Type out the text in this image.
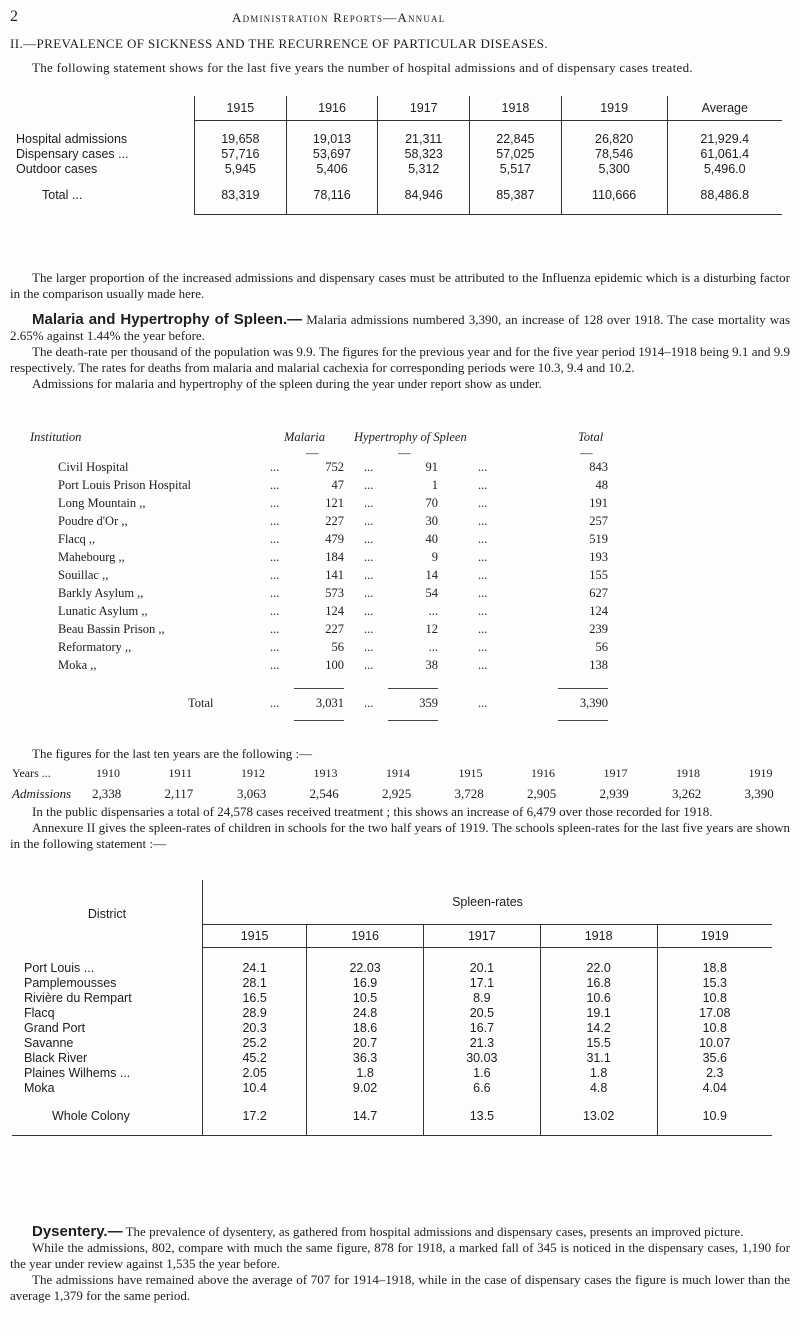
2	Administration Reports—Annual
II.—PREVALENCE OF SICKNESS AND THE RECURRENCE OF PARTICULAR DISEASES.

The following statement shows for the last five years the number of hospital admissions and of dispensary cases treated.

	1915	1916	1917	1918	1919	Average

Hospital admissions	19,658	19,013	21,311	22,845	26,820	21,929.4
Dispensary cases ...	57,716	53,697	58,323	57,025	78,546	61,061.4
Outdoor cases	5,945	5,406	5,312	5,517	5,300	5,496.0

Total ...	83,319	78,116	84,946	85,387	110,666	88,486.8

The larger proportion of the increased admissions and dispensary cases must be attributed to the Influenza epidemic which is a disturbing factor in the comparison usually made here.

Malaria and Hypertrophy of Spleen.— Malaria admissions numbered 3,390, an increase of 128 over 1918. The case mortality was 2.65% against 1.44% the year before.

The death-rate per thousand of the population was 9.9. The figures for the previous year and for the five year period 1914–1918 being 9.1 and 9.9 respectively. The rates for deaths from malaria and malarial cachexia for corresponding periods were 10.3, 9.4 and 10.2.

Admissions for malaria and hypertrophy of the spleen during the year under report show as under.

Institution	Malaria Hypertrophy of Spleen	Total
—	—	—
Civil Hospital	...	752 ...	91	...	843
Port Louis Prison Hospital	...	47 ...	1	...	48
Long Mountain ,,	...	121 ...	70	...	191
Poudre d'Or ,,	...	227 ...	30	...	257
Flacq ,,	...	479 ...	40	...	519
Mahebourg ,,	...	184 ...	9	...	193
Souillac ,,	...	141 ...	14	...	155
Barkly Asylum ,,	...	573 ...	54	...	627
Lunatic Asylum ,,	...	124 ...	...	...	124
Beau Bassin Prison ,,	...	227 ...	12	...	239
Reformatory ,,	...	56 ...	...	...	56
Moka ,,	...	100 ...	38	...	138
Total	...	3,031 ...	359	...	3,390

The figures for the last ten years are the following :—

Years ...	1910	1911	1912	1913	1914	1915	1916	1917	1918	1919
Admissions 2,338	2,117	3,063	2,546	2,925	3,728	2,905	2,939	3,262	3,390

In the public dispensaries a total of 24,578 cases received treatment ; this shows an increase of 6,479 over those recorded for 1918.

Annexure II gives the spleen-rates of children in schools for the two half years of 1919. The schools spleen-rates for the last five years are shown in the following statement :—

District	Spleen-rates				
	1915	1916	1917	1918	1919

Port Louis ...	24.1	22.03	20.1	22.0	18.8
Pamplemousses	28.1	16.9	17.1	16.8	15.3
Rivière du Rempart	16.5	10.5	8.9	10.6	10.8
Flacq	28.9	24.8	20.5	19.1	17.08
Grand Port	20.3	18.6	16.7	14.2	10.8
Savanne	25.2	20.7	21.3	15.5	10.07
Black River	45.2	36.3	30.03	31.1	35.6
Plaines Wilhems ...	2.05	1.8	1.6	1.8	2.3
Moka	10.4	9.02	6.6	4.8	4.04

Whole Colony	17.2	14.7	13.5	13.02	10.9

Dysentery.— The prevalence of dysentery, as gathered from hospital admissions and dispensary cases, presents an improved picture.

While the admissions, 802, compare with much the same figure, 878 for 1918, a marked fall of 345 is noticed in the dispensary cases, 1,190 for the year under review against 1,535 the year before.

The admissions have remained above the average of 707 for 1914–1918, while in the case of dispensary cases the figure is much lower than the average 1,379 for the same period.
